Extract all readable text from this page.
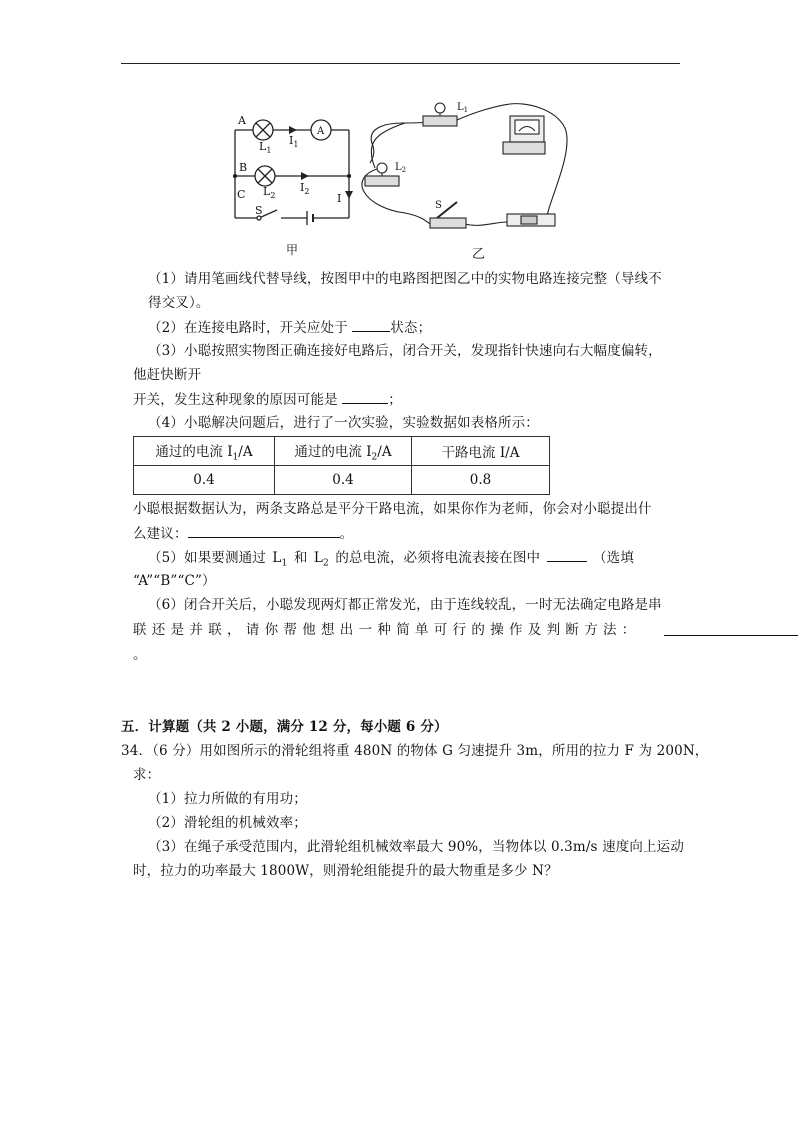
A
B
C
S
A
$L_1$
$L_2$
$I_1$
$I_2$
I
甲	乙
$L_1$
$L_2$
S
（1）请用笔画线代替导线，按图甲中的电路图把图乙中的实物电路连接完整（导线不
得交叉）。
（2）在连接电路时，开关应处于	状态；
（3）小聪按照实物图正确连接好电路后，闭合开关，发现指针快速向右大幅度偏转，
他赶快断开
开关，发生这种现象的原因可能是	；
（4）小聪解决问题后，进行了一次实验，实验数据如表格所示：
通过的电流 $I_1/A$	通过的电流 $I_2/A$	干路电流 I/A
0.4	0.4	0.8
小聪根据数据认为，两条支路总是平分干路电流，如果你作为老师，你会对小聪提出什
么建议：	。
（5）如果要测通过 $L_1$ 和 $L_2$ 的总电流，必须将电流表接在图中	（选填
“A”“B”“C”）
（6）闭合开关后，小聪发现两灯都正常发光，由于连线较乱，一时无法确定电路是串
联还是并联，请你帮他想出一种简单可行的操作及判断方法：
。
五．计算题（共 2 小题，满分 12 分，每小题 6 分）
34．（6 分）用如图所示的滑轮组将重 480N 的物体 G 匀速提升 3m，所用的拉力 F 为 200N，
求：
（1）拉力所做的有用功；
（2）滑轮组的机械效率；
（3）在绳子承受范围内，此滑轮组机械效率最大 90%，当物体以 0.3m/s 速度向上运动
时，拉力的功率最大 1800W，则滑轮组能提升的最大物重是多少 N？
